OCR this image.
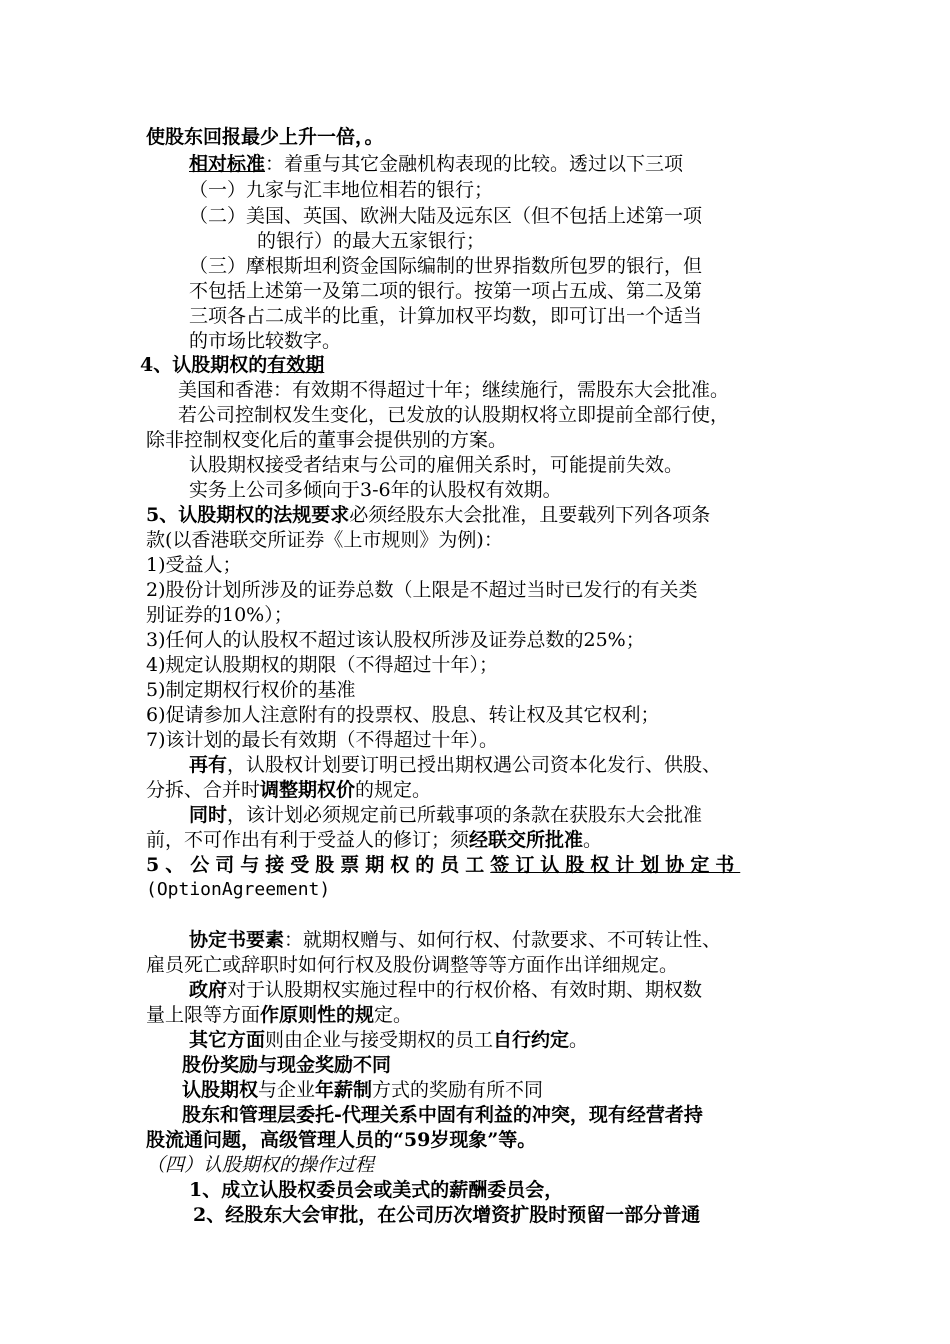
使股东回报最少上升一倍，。
相对标准：着重与其它金融机构表现的比较。透过以下三项
（一）九家与汇丰地位相若的银行；
（二）美国、英国、欧洲大陆及远东区（但不包括上述第一项
的银行）的最大五家银行；
（三）摩根斯坦利资金国际编制的世界指数所包罗的银行，但
不包括上述第一及第二项的银行。按第一项占五成、第二及第
三项各占二成半的比重，计算加权平均数，即可订出一个适当
的市场比较数字。
4、认股期权的有效期
美国和香港：有效期不得超过十年；继续施行，需股东大会批准。
若公司控制权发生变化，已发放的认股期权将立即提前全部行使，
除非控制权变化后的董事会提供别的方案。
认股期权接受者结束与公司的雇佣关系时，可能提前失效。
实务上公司多倾向于3-6年的认股权有效期。
5、认股期权的法规要求必须经股东大会批准，且要载列下列各项条
款(以香港联交所证券《上市规则》为例)：
1)受益人；
2)股份计划所涉及的证券总数（上限是不超过当时已发行的有关类
别证券的10%）；
3)任何人的认股权不超过该认股权所涉及证券总数的25%；
4)规定认股期权的期限（不得超过十年）；
5)制定期权行权价的基准
6)促请参加人注意附有的投票权、股息、转让权及其它权利；
7)该计划的最长有效期（不得超过十年）。
再有，认股权计划要订明已授出期权遇公司资本化发行、供股、
分拆、合并时调整期权价的规定。
同时，该计划必须规定前已所载事项的条款在获股东大会批准
前，不可作出有利于受益人的修订；须经联交所批准。
5、公司与接受股票期权的员工签订认股权计划协定书
(OptionAgreement)
协定书要素：就期权赠与、如何行权、付款要求、不可转让性、
雇员死亡或辞职时如何行权及股份调整等等方面作出详细规定。
政府对于认股期权实施过程中的行权价格、有效时期、期权数
量上限等方面作原则性的规定。
其它方面则由企业与接受期权的员工自行约定。
股份奖励与现金奖励不同
认股期权与企业年薪制方式的奖励有所不同
股东和管理层委托-代理关系中固有利益的冲突，现有经营者持
股流通问题，高级管理人员的“59岁现象”等。
（四）认股期权的操作过程
1、成立认股权委员会或美式的薪酬委员会，
2、经股东大会审批，在公司历次增资扩股时预留一部分普通
